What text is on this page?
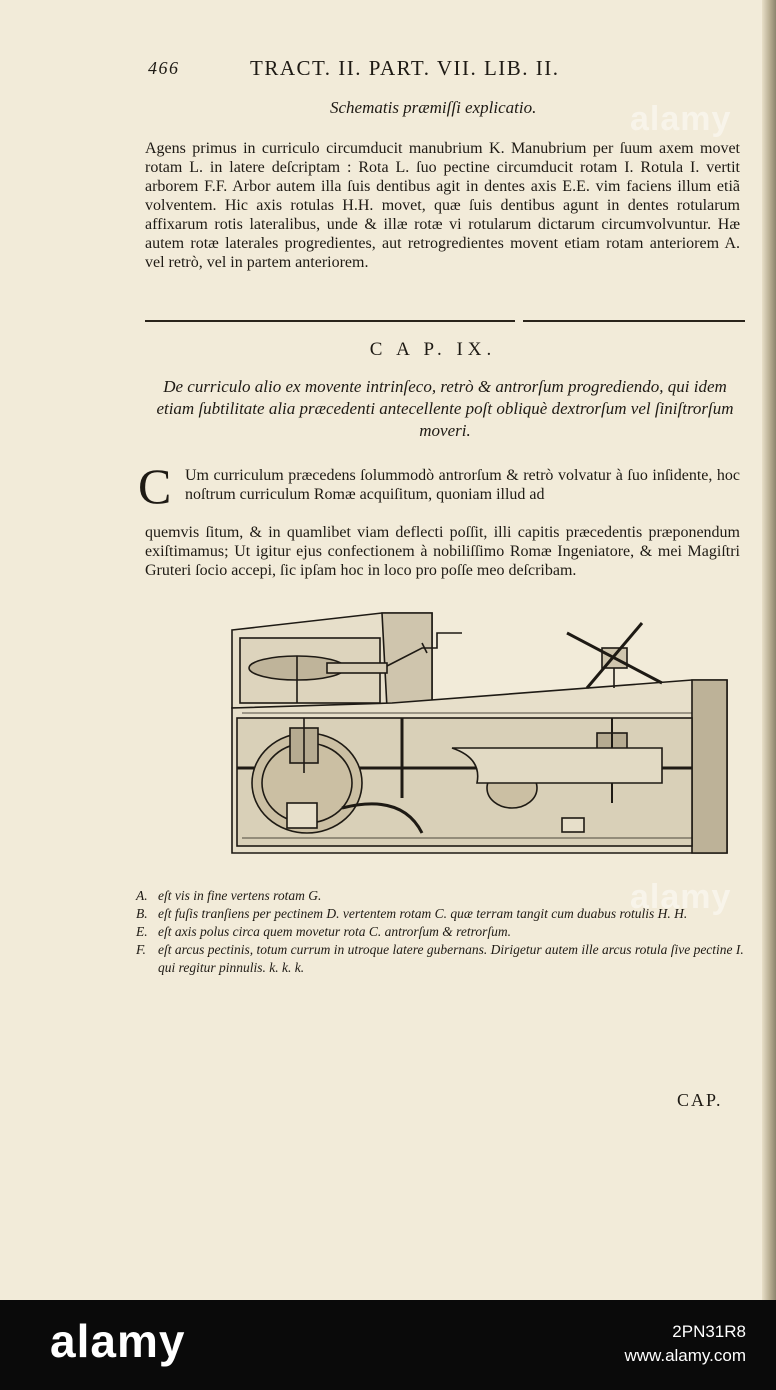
466	TRACT. II. PART. VII. LIB. II.
Schematis præmiſſi explicatio.
Agens primus in curriculo circumducit manubrium K. Manubrium per ſuum axem movet rotam L. in latere deſcriptam : Rota L. ſuo pectine circumducit rotam I. Rotula I. vertit arborem F.F. Arbor autem illa ſuis dentibus agit in dentes axis E.E. vim faciens illum etiã volventem. Hic axis rotulas H.H. movet, quæ ſuis dentibus agunt in dentes rotularum affixarum rotis lateralibus, unde & illæ rotæ vi rotularum dictarum circumvolvuntur. Hæ autem rotæ laterales progredientes, aut retrogredientes movent etiam rotam anteriorem A. vel retrò, vel in partem anteriorem.
C A P. IX.
De curriculo alio ex movente intrinſeco, retrò & antrorſum progrediendo, qui idem etiam ſubtilitate alia præcedenti antecellente poſt obliquè dextrorſum vel ſiniſtrorſum moveri.
C Um curriculum præcedens ſolummodò antrorſum & retrò volvatur à ſuo inſidente, hoc noſtrum curriculum Romæ acquiſitum, quoniam illud ad
quemvis ſitum, & in quamlibet viam deflecti poſſit, illi capitis præcedentis præponendum exiſtimamus; Ut igitur ejus confectionem à nobiliſſimo Romæ Ingeniatore, & mei Magiſtri Gruteri ſocio accepi, ſic ipſam hoc in loco pro poſſe meo deſcribam.
A. eſt vis in fine vertens rotam G.
B. eſt fuſis tranſiens per pectinem D. vertentem rotam C. quæ terram tangit cum duabus rotulis H. H.
E. eſt axis polus circa quem movetur rota C. antrorſum & retrorſum.
F. eſt arcus pectinis, totum currum in utroque latere gubernans. Dirigetur autem ille arcus rotula ſive pectine I. qui regitur pinnulis. k. k. k.
CAP.
alamy
alamy
alamy	2PN31R8
www.alamy.com
